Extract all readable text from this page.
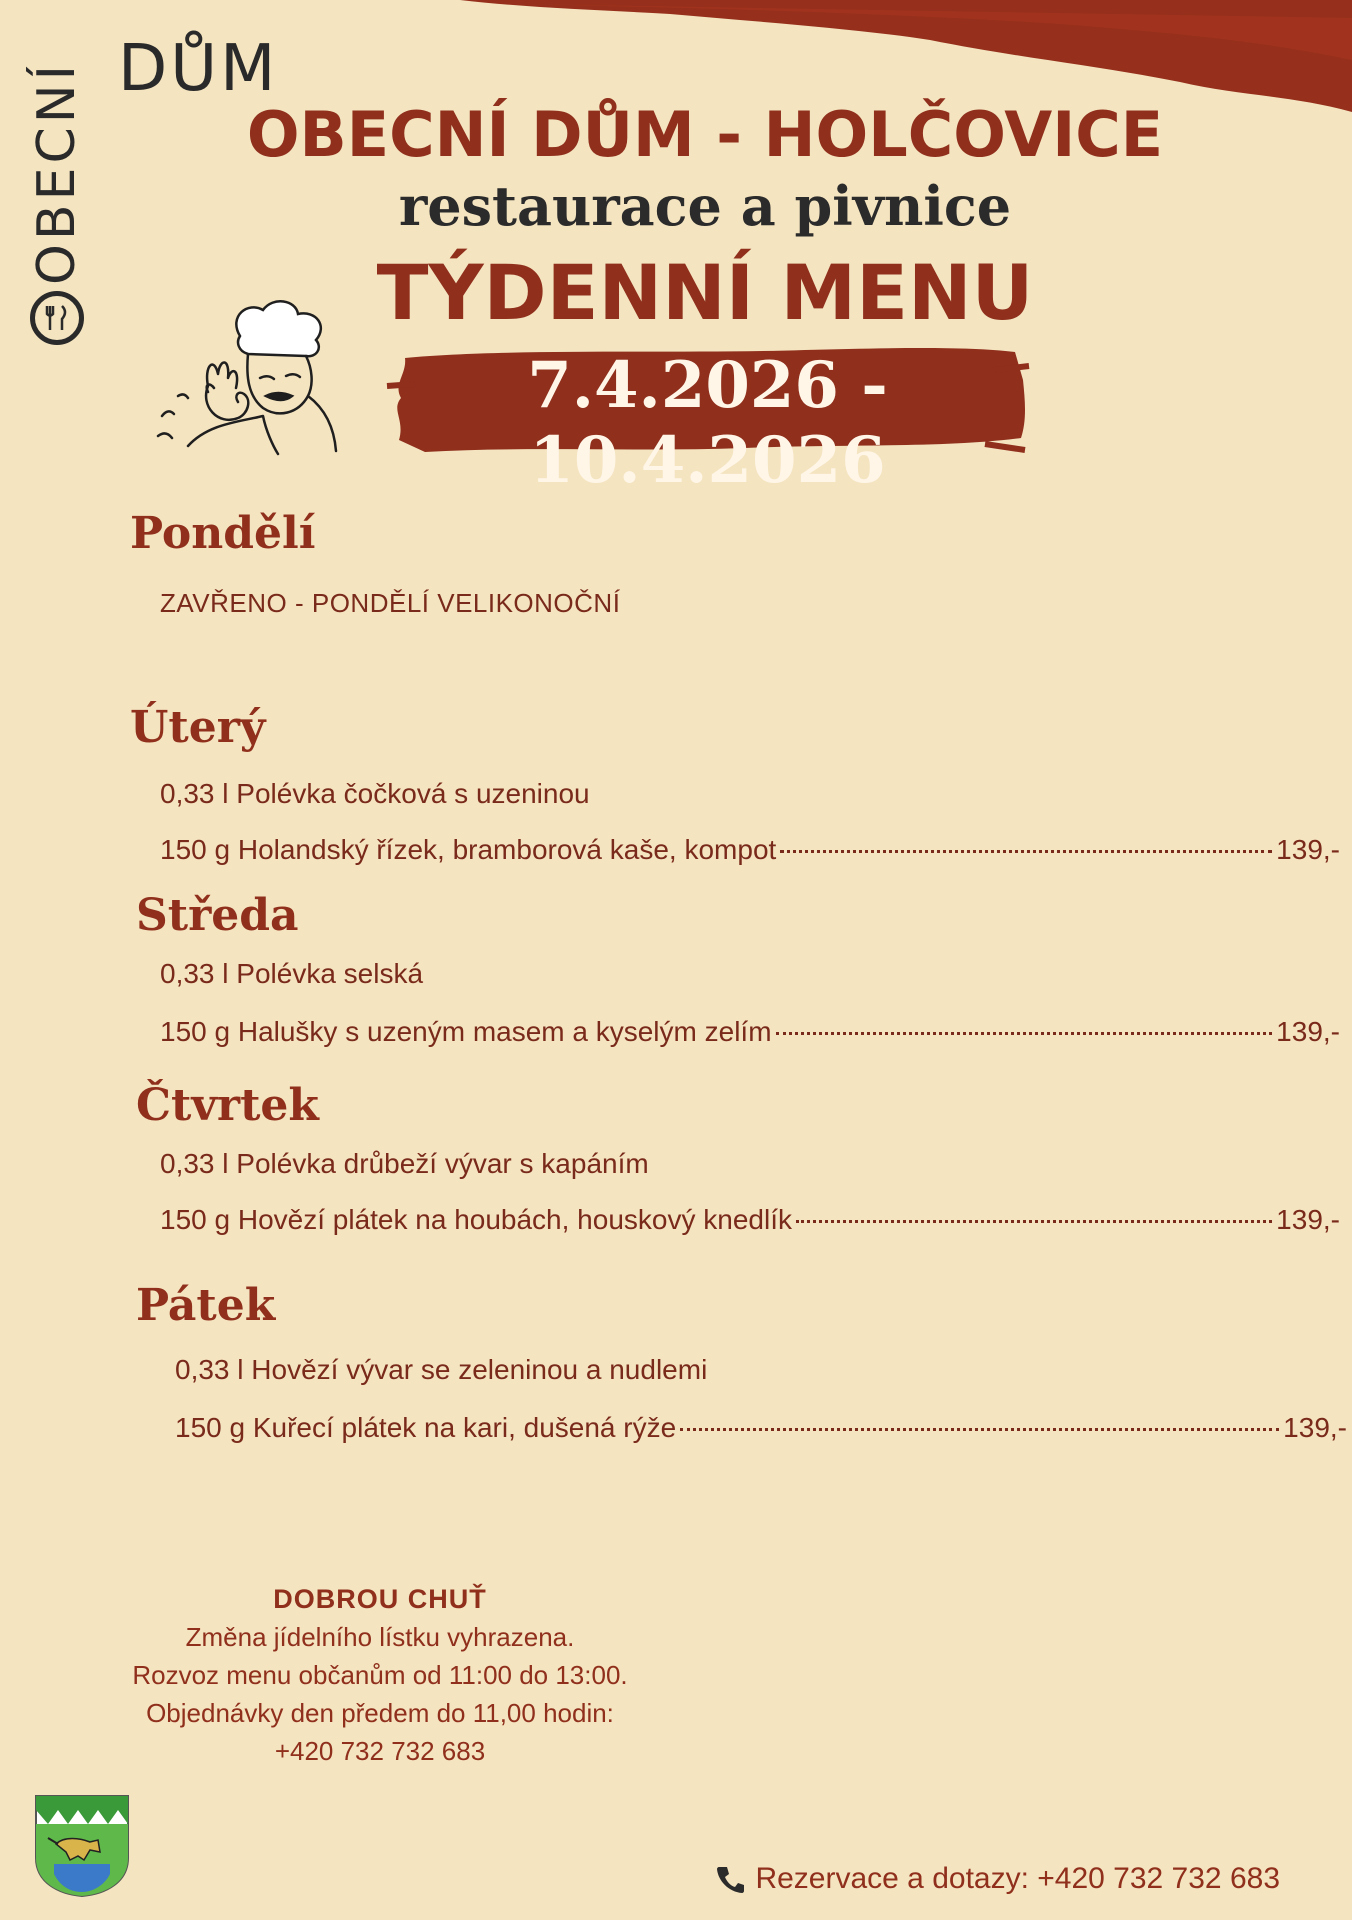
OBECNÍ DŮM
OBECNÍ DŮM - HOLČOVICE
restaurace a pivnice
TÝDENNÍ MENU
7.4.2026 - 10.4.2026
Pondělí
ZAVŘENO - PONDĚLÍ VELIKONOČNÍ
Úterý
0,33 l Polévka čočková s uzeninou
150 g Holandský řízek, bramborová kaše, kompot	139,-
Středa
0,33 l Polévka selská
150 g Halušky s uzeným masem a kyselým zelím	139,-
Čtvrtek
0,33 l Polévka drůbeží vývar s kapáním
150 g Hovězí plátek na houbách, houskový knedlík	139,-
Pátek
0,33 l Hovězí vývar se zeleninou a nudlemi
150 g Kuřecí plátek na kari, dušená rýže	139,-
DOBROU CHUŤ
Změna jídelního lístku vyhrazena.
Rozvoz menu občanům od 11:00 do 13:00.
Objednávky den předem do 11,00 hodin:
+420 732 732 683
Rezervace a dotazy: +420 732 732 683
